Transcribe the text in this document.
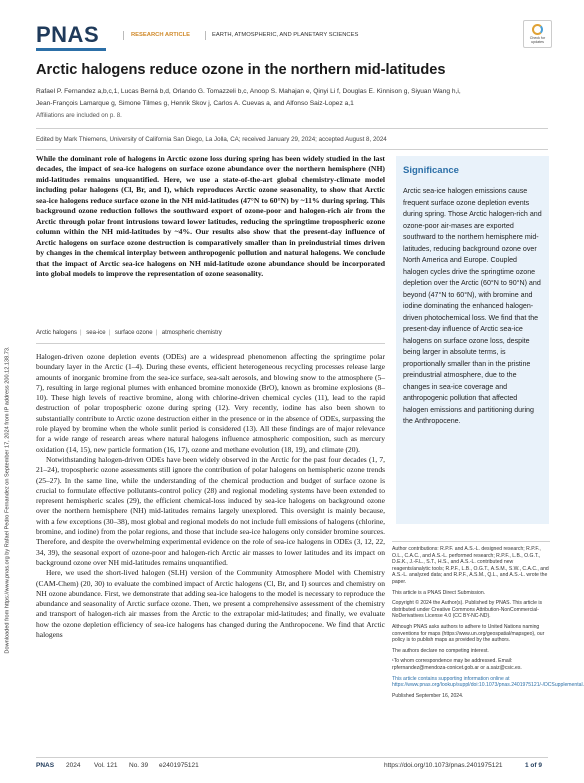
Downloaded from https://www.pnas.org by Rafael Pedro Fernandez on September 17, 2024 from IP address 200.12.138.73.
PNAS	RESEARCH ARTICLE	EARTH, ATMOSPHERIC, AND PLANETARY SCIENCES	Check for updates
Arctic halogens reduce ozone in the northern mid-latitudes
Rafael P. Fernandez a,b,c,1, Lucas Berná b,d, Orlando G. Tomazzeli b,c, Anoop S. Mahajan e, Qinyi Li f, Douglas E. Kinnison g, Siyuan Wang h,i,
Jean-François Lamarque g, Simone Tilmes g, Henrik Skov j, Carlos A. Cuevas a, and Alfonso Saiz-Lopez a,1
Affiliations are included on p. 8.
Edited by Mark Thiemens, University of California San Diego, La Jolla, CA; received January 29, 2024; accepted August 8, 2024
While the dominant role of halogens in Arctic ozone loss during spring has been widely studied in the last decades, the impact of sea-ice halogens on surface ozone abundance over the northern hemisphere (NH) mid-latitudes remains unquantified. Here, we use a state-of-the-art global chemistry-climate model including polar halogens (Cl, Br, and I), which reproduces Arctic ozone seasonality, to show that Arctic sea-ice halogens reduce surface ozone in the NH mid-latitudes (47°N to 60°N) by ~11% during spring. This background ozone reduction follows the southward export of ozone-poor and halogen-rich air from the Arctic through polar front intrusions toward lower latitudes, reducing the springtime tropospheric ozone column within the NH mid-latitudes by ~4%. Our results also show that the present-day influence of Arctic halogens on surface ozone destruction is comparatively smaller than in preindustrial times driven by changes in the chemical interplay between anthropogenic pollution and natural halogens. We conclude that the impact of Arctic sea-ice halogens on NH mid-latitude ozone abundance should be incorporated into global models to improve the representation of ozone seasonality.
Arctic halogens | sea-ice | surface ozone | atmospheric chemistry

Halogen-driven ozone depletion events (ODEs) are a widespread phenomenon affecting the springtime polar boundary layer in the Arctic (1–4). During these events, efficient heterogeneous recycling processes release large amounts of inorganic bromine from the sea-ice surface, sea-salt aerosols, and blowing snow to the atmosphere (5–7), resulting in large regional plumes with enhanced bromine monoxide (BrO), known as bromine explosions (8–10). These high levels of reactive bromine, along with chlorine-driven chemical cycles (11), lead to the rapid destruction of polar tropospheric ozone during spring (12). Very recently, iodine has also been shown to substantially contribute to Arctic ozone destruction either in the presence or in the absence of ODEs, surpassing the role played by bromine when the whole sunlit period is considered (13). All these findings are of major relevance for a wide range of research areas where natural halogens influence atmospheric composition, such as mercury oxidation (14, 15), new particle formation (16, 17), ozone and methane evolution (18, 19), and climate (20).

Notwithstanding halogen-driven ODEs have been widely observed in the Arctic for the past four decades (1, 7, 21–24), tropospheric ozone assessments still ignore the contribution of polar halogens on hemispheric ozone trends (25–27). In the same line, while the understanding of the chemical production and budget of surface ozone is crucial to formulate effective pollutants-control policy (28) and regional modeling systems have been extended to represent hemispheric scales (29), the efficient chemical-loss induced by sea-ice halogens on background ozone over the northern hemisphere (NH) mid-latitudes remains largely unexplored. This oversight is mainly because, with a few exceptions (30–38), most global and regional models do not include full emissions of halogens (chlorine, bromine, and iodine) from the polar regions, and those that include sea-ice halogens only consider bromine sources. Therefore, and despite the overwhelming experimental evidence on the role of sea-ice halogens in ODEs (3, 12, 22, 34, 39), the seasonal export of ozone-poor and halogen-rich Arctic air masses to lower latitudes and its impact on background ozone over NH mid-latitudes remains unquantified.

Here, we used the short-lived halogen (SLH) version of the Community Atmosphere Model with Chemistry (CAM-Chem) (20, 30) to evaluate the combined impact of Arctic halogens (Cl, Br, and I) sources and chemistry on NH ozone abundance. First, we demonstrate that adding sea-ice halogens to the model is necessary to reproduce the abundance and seasonality of Arctic surface ozone. Then, we present a comprehensive assessment of the chemistry and transport of halogen-rich air masses from the Arctic to the extrapolar mid-latitudes; and finally, we evaluate how the ozone depletion efficiency of sea-ice halogens has changed during the Anthropocene. We find that Arctic halogens

Significance
Arctic sea-ice halogen emissions cause frequent surface ozone depletion events during spring. Those Arctic halogen-rich and ozone-poor air-mases are exported southward to the northern hemisphere mid-latitudes, reducing background ozone over North America and Europe. Coupled halogen cycles drive the springtime ozone depletion over the Arctic (60°N to 90°N) and beyond (47°N to 60°N), with bromine and iodine dominating the enhanced halogen-driven photochemical loss. We find that the present-day influence of Arctic sea-ice halogens on surface ozone loss, despite being larger in absolute terms, is proportionally smaller than in the pristine preindustrial atmosphere, due to the changes in sea-ice coverage and anthropogenic pollution that affected halogen emissions and partitioning during the Anthropocene.

Author contributions: R.P.F. and A.S.-L. designed research; R.P.F., O.L., C.A.C., and A.S.-L. performed research; R.P.F., L.B., O.G.T., D.E.K., J.-F.L., S.T., H.S., and A.S.-L. contributed new reagents/analytic tools; R.P.F., L.B., O.G.T., A.S.M., S.W., C.A.C., and A.S.-L. analyzed data; and R.P.F., A.S.M., Q.L., and A.S.-L. wrote the paper.

This article is a PNAS Direct Submission.

Copyright © 2024 the Author(s). Published by PNAS. This article is distributed under Creative Commons Attribution-NonCommercial-NoDerivatives License 4.0 (CC BY-NC-ND).

Although PNAS asks authors to adhere to United Nations naming conventions for maps (https://www.un.org/geospatial/mapsgeo), our policy is to publish maps as provided by the authors.

The authors declare no competing interest.

¹To whom correspondence may be addressed. Email: rpfernandez@mendoza-conicet.gob.ar or a.saiz@csic.es.

This article contains supporting information online at https://www.pnas.org/lookup/suppl/doi:10.1073/pnas.2401975121/-/DCSupplemental.

Published September 16, 2024.

PNAS 2024 Vol. 121 No. 39 e2401975121	https://doi.org/10.1073/pnas.2401975121	1 of 9
